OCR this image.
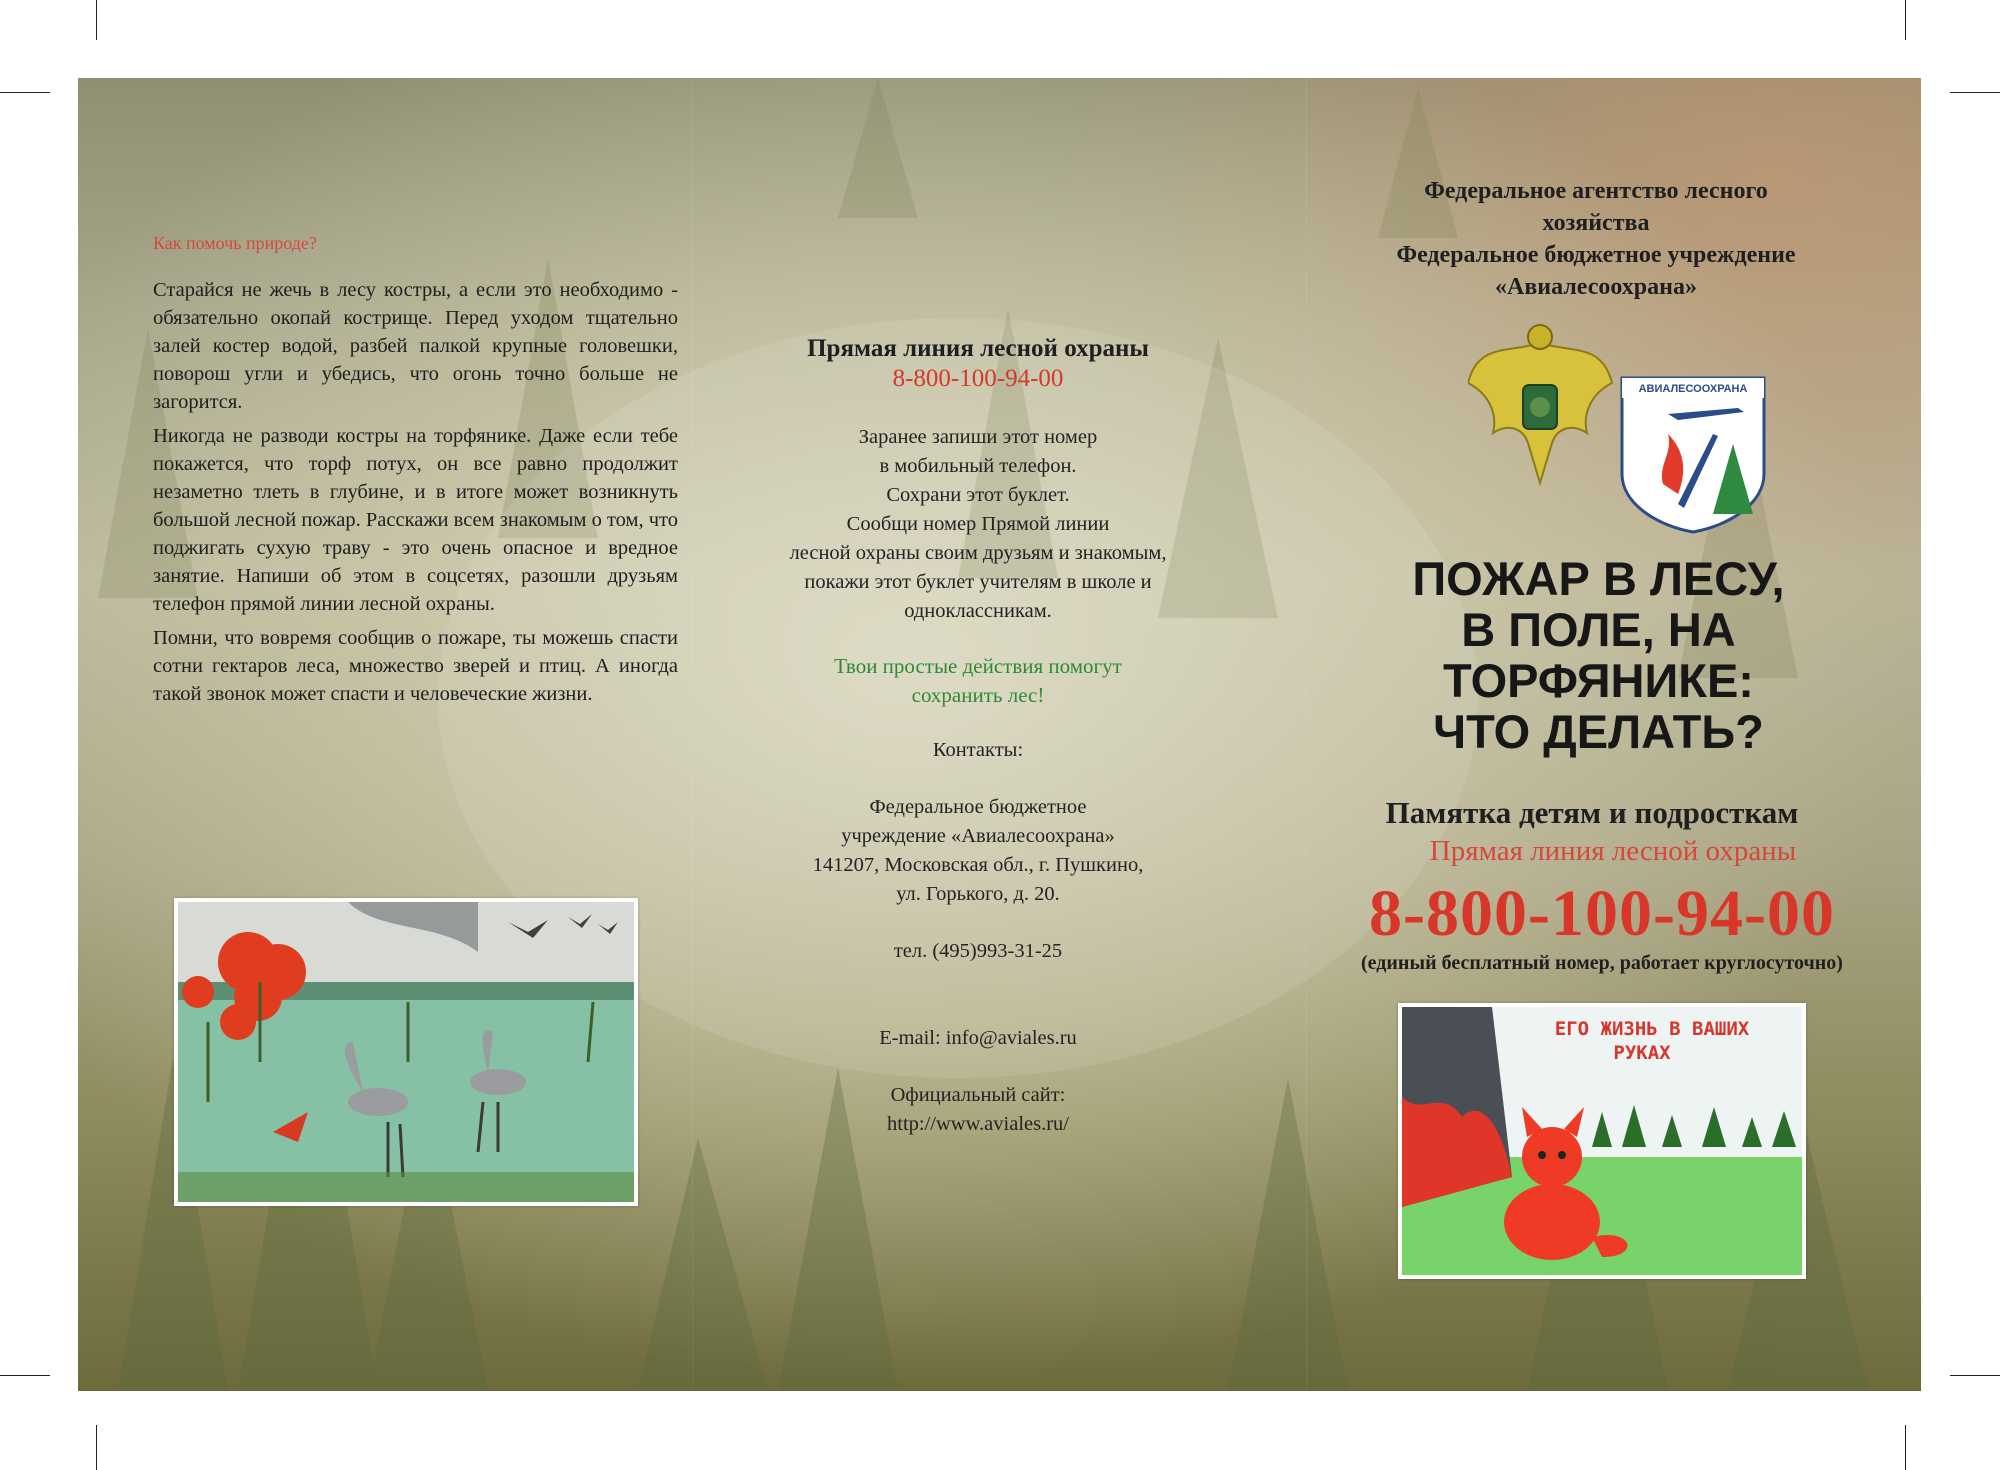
Как помочь природе?

Старайся не жечь в лесу костры, а если это необходимо - обязательно окопай кострище. Перед уходом тщательно залей костер водой, разбей палкой крупные головешки, поворош угли и убедись, что огонь точно больше не загорится.

Никогда не разводи костры на торфянике. Даже если тебе покажется, что торф потух, он все равно продолжит незаметно тлеть в глубине, и в итоге может возникнуть большой лесной пожар. Расскажи всем знакомым о том, что поджигать сухую траву - это очень опасное и вредное занятие. Напиши об этом в соцсетях, разошли друзьям телефон прямой линии лесной охраны.

Помни, что вовремя сообщив о пожаре, ты можешь спасти сотни гектаров леса, множество зверей и птиц. А иногда такой звонок может спасти и человеческие жизни.

Прямая линия лесной охраны
8-800-100-94-00
Заранее запиши этот номер
в мобильный телефон.
Сохрани этот буклет.
Сообщи номер Прямой линии
лесной охраны своим друзьям и знакомым,
покажи этот буклет учителям в школе и
одноклассникам.
Твои простые действия помогут
сохранить лес!
Контакты:
Федеральное бюджетное
учреждение «Авиалесоохрана»
141207, Московская обл., г. Пушкино,
ул. Горького, д. 20.
тел. (495)993-31-25
E-mail: info@aviales.ru
Официальный сайт:
http://www.aviales.ru/
Федеральное агентство лесного
хозяйства
Федеральное бюджетное учреждение
«Авиалесоохрана»
АВИАЛЕСООХРАНА
ПОЖАР В ЛЕСУ,
В ПОЛЕ, НА
ТОРФЯНИКЕ:
ЧТО ДЕЛАТЬ?
Памятка детям и подросткам
Прямая линия лесной охраны
8-800-100-94-00
(единый бесплатный номер, работает круглосуточно)
ЕГО ЖИЗНЬ В ВАШИХ
РУКАХ
